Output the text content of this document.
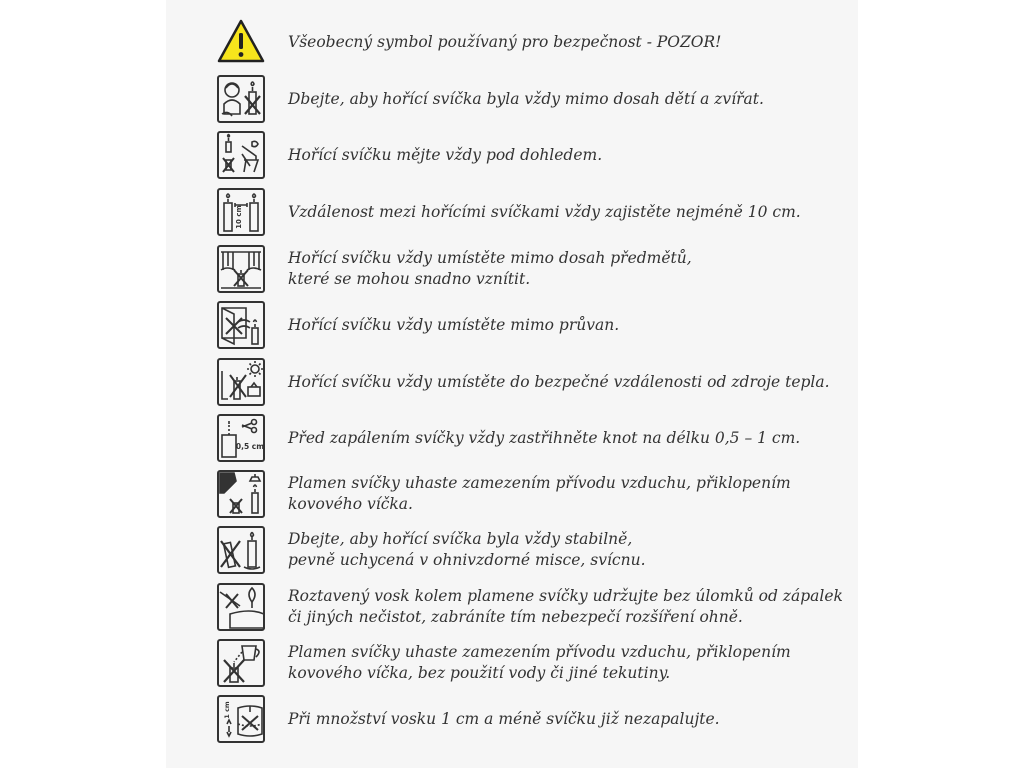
Všeobecný symbol používaný pro bezpečnost - POZOR!
Dbejte, aby hořící svíčka byla vždy mimo dosah dětí a zvířat.
Hořící svíčku mějte vždy pod dohledem.
10 cm	Vzdálenost mezi hořícími svíčkami vždy zajistěte nejméně 10 cm.
Hořící svíčku vždy umístěte mimo dosah předmětů,
které se mohou snadno vznítit.
Hořící svíčku vždy umístěte mimo průvan.
Hořící svíčku vždy umístěte do bezpečné vzdálenosti od zdroje tepla.
0,5 cm Před zapálením svíčky vždy zastřihněte knot na délku 0,5 – 1 cm.
Plamen svíčky uhaste zamezením přívodu vzduchu, přiklopením
kovového víčka.
Dbejte, aby hořící svíčka byla vždy stabilně,
pevně uchycená v ohnivzdorné misce, svícnu.
Roztavený vosk kolem plamene svíčky udržujte bez úlomků od zápalek
či jiných nečistot, zabráníte tím nebezpečí rozšíření ohně.
Plamen svíčky uhaste zamezením přívodu vzduchu, přiklopením
kovového víčka, bez použití vody či jiné tekutiny.
1 cm	Při množství vosku 1 cm a méně svíčku již nezapalujte.
